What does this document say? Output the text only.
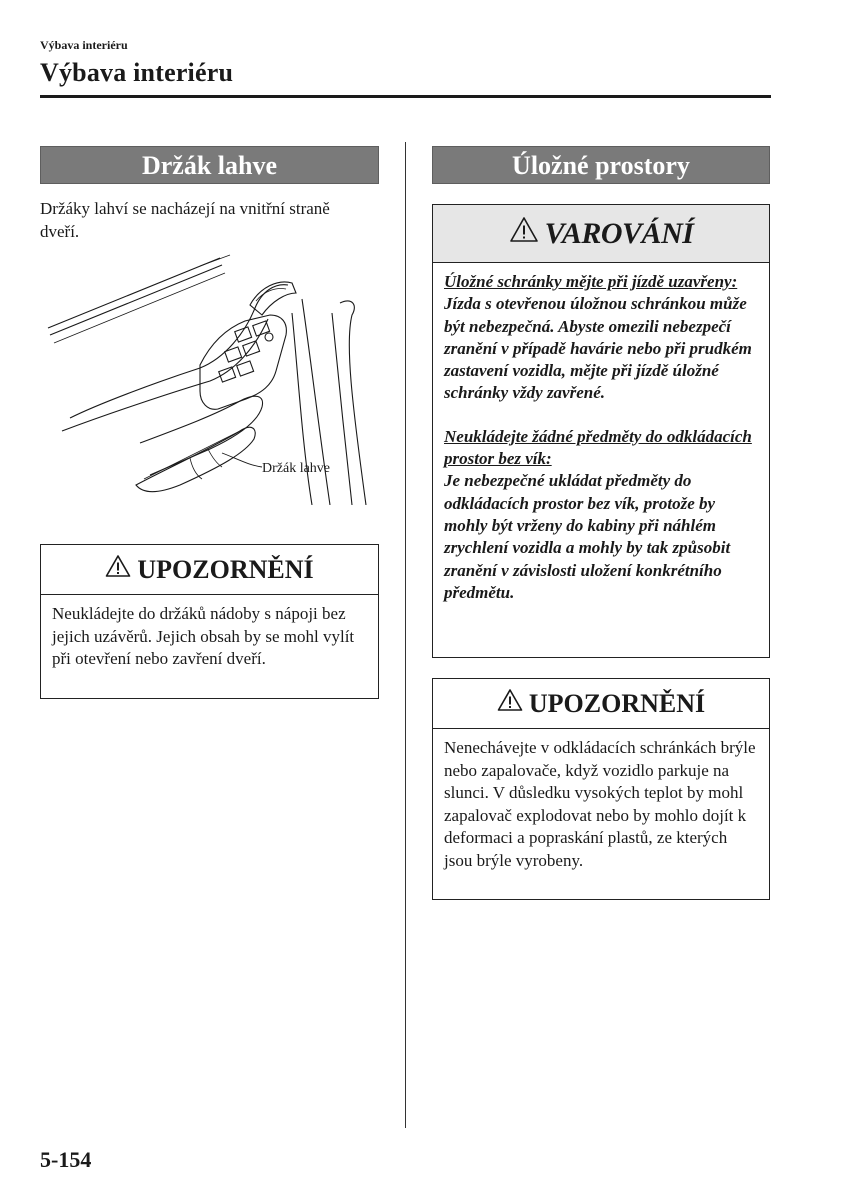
Výbava interiéru
Výbava interiéru
Držák lahve
Držáky lahví se nacházejí na vnitřní straně dveří.
Držák lahve
UPOZORNĚNÍ
Neukládejte do držáků nádoby s nápoji bez jejich uzávěrů. Jejich obsah by se mohl vylít při otevření nebo zavření dveří.
Úložné prostory
VAROVÁNÍ
Úložné schránky mějte při jízdě uzavřeny:
Jízda s otevřenou úložnou schránkou může být nebezpečná. Abyste omezili nebezpečí zranění v případě havárie nebo při prudkém zastavení vozidla, mějte při jízdě úložné schránky vždy zavřené.
Neukládejte žádné předměty do odkládacích prostor bez vík:
Je nebezpečné ukládat předměty do odkládacích prostor bez vík, protože by mohly být vrženy do kabiny při náhlém zrychlení vozidla a mohly by tak způsobit zranění v závislosti uložení konkrétního předmětu.
UPOZORNĚNÍ
Nenechávejte v odkládacích schránkách brýle nebo zapalovače, když vozidlo parkuje na slunci. V důsledku vysokých teplot by mohl zapalovač explodovat nebo by mohlo dojít k deformaci a popraskání plastů, ze kterých jsou brýle vyrobeny.
5-154
